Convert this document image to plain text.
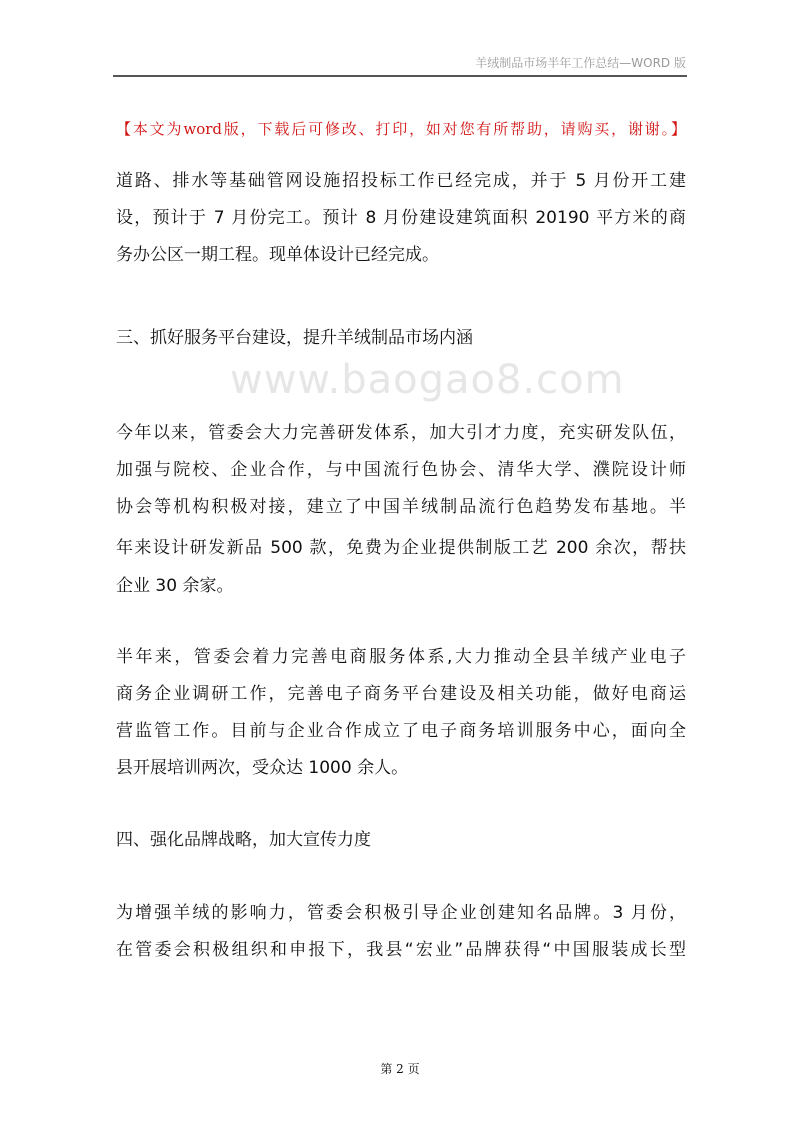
羊绒制品市场半年工作总结—WORD 版
www.baogao8.com
【本文为word版，下载后可修改、打印，如对您有所帮助，请购买，谢谢。】
道路、排水等基础管网设施招投标工作已经完成，并于 5 月份开工建
设，预计于 7 月份完工。预计 8 月份建设建筑面积 20190 平方米的商
务办公区一期工程。现单体设计已经完成。
三、抓好服务平台建设，提升羊绒制品市场内涵
今年以来，管委会大力完善研发体系，加大引才力度，充实研发队伍，
加强与院校、企业合作，与中国流行色协会、清华大学、濮院设计师
协会等机构积极对接，建立了中国羊绒制品流行色趋势发布基地。半
年来设计研发新品 500 款，免费为企业提供制版工艺 200 余次，帮扶
企业 30 余家。
半年来，管委会着力完善电商服务体系,大力推动全县羊绒产业电子
商务企业调研工作，完善电子商务平台建设及相关功能，做好电商运
营监管工作。目前与企业合作成立了电子商务培训服务中心，面向全
县开展培训两次，受众达 1000 余人。
四、强化品牌战略，加大宣传力度
为增强羊绒的影响力，管委会积极引导企业创建知名品牌。3 月份，
在管委会积极组织和申报下，我县“宏业”品牌获得“中国服装成长型
第 2 页
